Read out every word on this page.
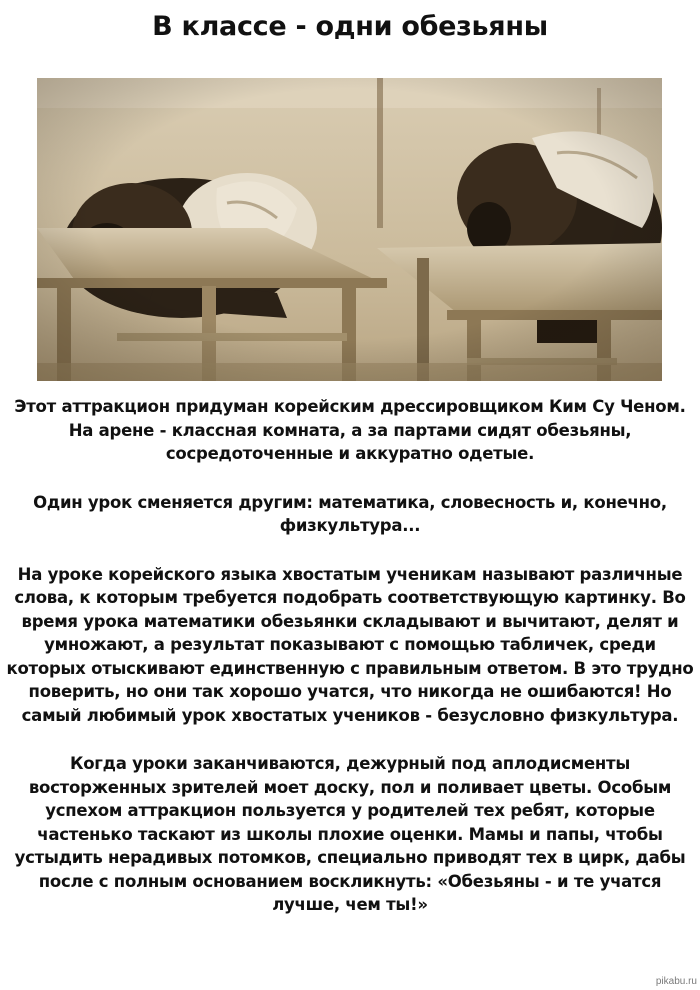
В классе - одни обезьяны

Этот аттракцион придуман корейским дрессировщиком Ким Су Ченом. На арене - классная комната, а за партами сидят обезьяны, сосредоточенные и аккуратно одетые.

Один урок сменяется другим: математика, словесность и, конечно, физкультура...

На уроке корейского языка хвостатым ученикам называют различные слова, к которым требуется подобрать соответствующую картинку. Во время урока математики обезьянки складывают и вычитают, делят и умножают, а результат показывают с помощью табличек, среди которых отыскивают единственную с правильным ответом. В это трудно поверить, но они так хорошо учатся, что никогда не ошибаются! Но самый любимый урок хвостатых учеников - безусловно физкультура.

Когда уроки заканчиваются, дежурный под аплодисменты восторженных зрителей моет доску, пол и поливает цветы. Особым успехом аттракцион пользуется у родителей тех ребят, которые частенько таскают из школы плохие оценки. Мамы и папы, чтобы устыдить нерадивых потомков, специально приводят тех в цирк, дабы после с полным основанием воскликнуть: «Обезьяны - и те учатся лучше, чем ты!»

pikabu.ru
